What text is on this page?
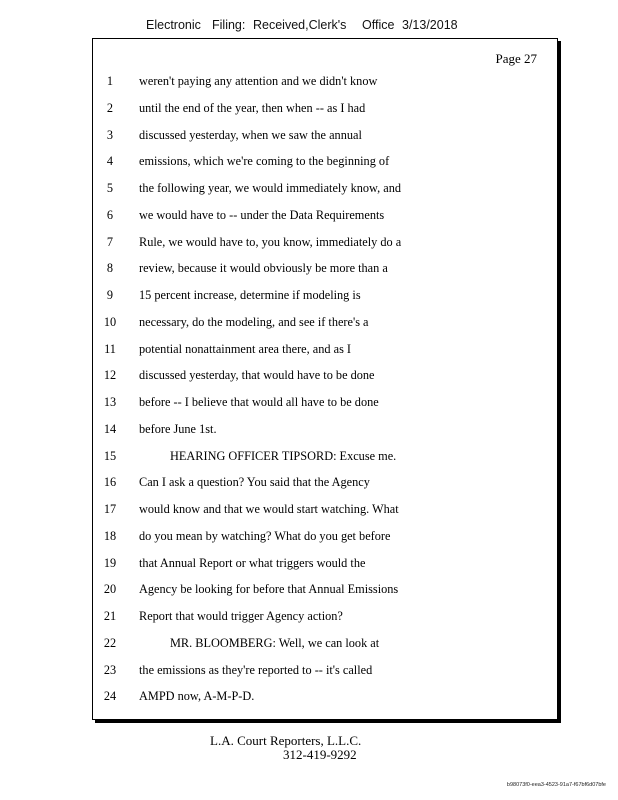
Electronic Filing: Received,Clerk's Office 3/13/2018
Page 27
1	weren't paying any attention and we didn't know
2	until the end of the year, then when -- as I had
3	discussed yesterday, when we saw the annual
4	emissions, which we're coming to the beginning of
5	the following year, we would immediately know, and
6	we would have to -- under the Data Requirements
7	Rule, we would have to, you know, immediately do a
8	review, because it would obviously be more than a
9	15 percent increase, determine if modeling is
10	necessary, do the modeling, and see if there's a
11	potential nonattainment area there, and as I
12	discussed yesterday, that would have to be done
13	before -- I believe that would all have to be done
14	before June 1st.
15	HEARING OFFICER TIPSORD: Excuse me.
16	Can I ask a question? You said that the Agency
17	would know and that we would start watching. What
18	do you mean by watching? What do you get before
19	that Annual Report or what triggers would the
20	Agency be looking for before that Annual Emissions
21	Report that would trigger Agency action?
22	MR. BLOOMBERG: Well, we can look at
23	the emissions as they're reported to -- it's called
24	AMPD now, A-M-P-D.
L.A. Court Reporters, L.L.C.
312-419-9292
b98073f0-eea3-4523-91a7-f67bf6d07bfe
